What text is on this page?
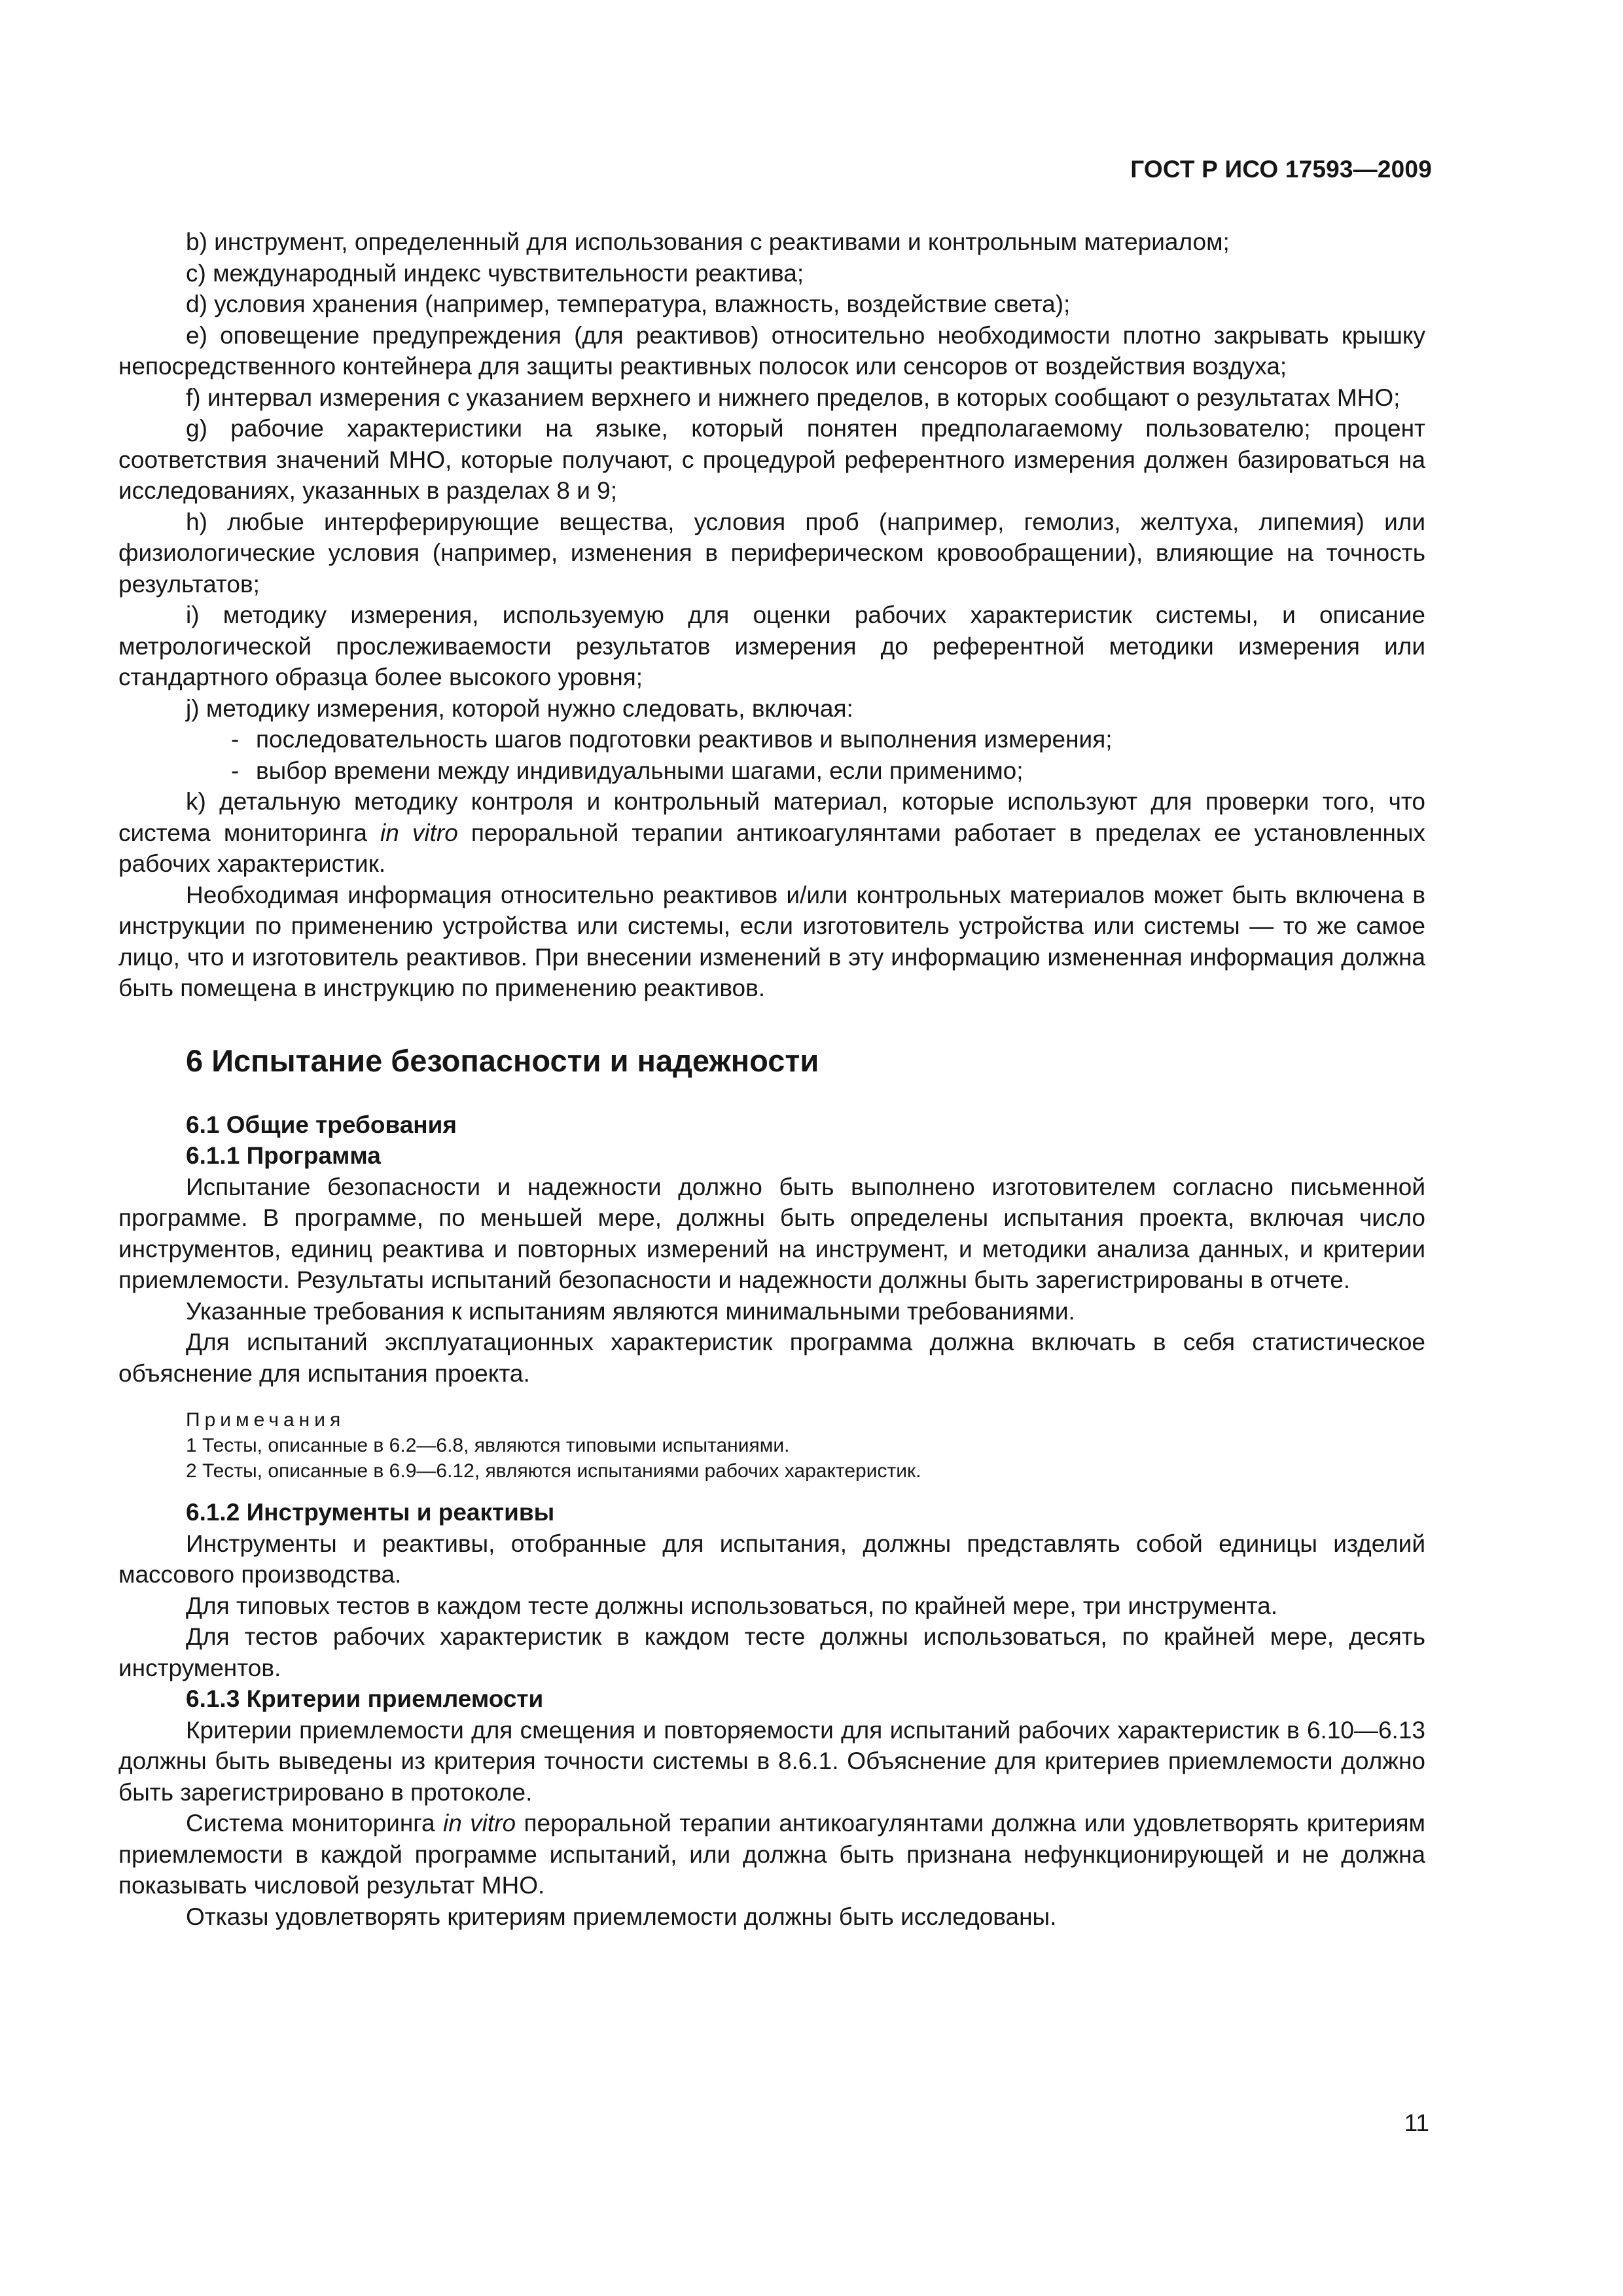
ГОСТ Р ИСО 17593—2009

b) инструмент, определенный для использования с реактивами и контрольным материалом;

c) международный индекс чувствительности реактива;

d) условия хранения (например, температура, влажность, воздействие света);

e) оповещение предупреждения (для реактивов) относительно необходимости плотно закрывать крышку непосредственного контейнера для защиты реактивных полосок или сенсоров от воздействия воздуха;

f) интервал измерения с указанием верхнего и нижнего пределов, в которых сообщают о результатах МНО;

g) рабочие характеристики на языке, который понятен предполагаемому пользователю; процент соответствия значений МНО, которые получают, с процедурой референтного измерения должен базироваться на исследованиях, указанных в разделах 8 и 9;

h) любые интерферирующие вещества, условия проб (например, гемолиз, желтуха, липемия) или физиологические условия (например, изменения в периферическом кровообращении), влияющие на точность результатов;

i) методику измерения, используемую для оценки рабочих характеристик системы, и описание метрологической прослеживаемости результатов измерения до референтной методики измерения или стандартного образца более высокого уровня;

j) методику измерения, которой нужно следовать, включая:

- последовательность шагов подготовки реактивов и выполнения измерения;

- выбор времени между индивидуальными шагами, если применимо;

k) детальную методику контроля и контрольный материал, которые используют для проверки того, что система мониторинга in vitro пероральной терапии антикоагулянтами работает в пределах ее установленных рабочих характеристик.

Необходимая информация относительно реактивов и/или контрольных материалов может быть включена в инструкции по применению устройства или системы, если изготовитель устройства или системы — то же самое лицо, что и изготовитель реактивов. При внесении изменений в эту информацию измененная информация должна быть помещена в инструкцию по применению реактивов.

6 Испытание безопасности и надежности
6.1 Общие требования
6.1.1 Программа

Испытание безопасности и надежности должно быть выполнено изготовителем согласно письменной программе. В программе, по меньшей мере, должны быть определены испытания проекта, включая число инструментов, единиц реактива и повторных измерений на инструмент, и методики анализа данных, и критерии приемлемости. Результаты испытаний безопасности и надежности должны быть зарегистрированы в отчете.

Указанные требования к испытаниям являются минимальными требованиями.

Для испытаний эксплуатационных характеристик программа должна включать в себя статистическое объяснение для испытания проекта.

Примечания
1 Тесты, описанные в 6.2—6.8, являются типовыми испытаниями.
2 Тесты, описанные в 6.9—6.12, являются испытаниями рабочих характеристик.
6.1.2 Инструменты и реактивы

Инструменты и реактивы, отобранные для испытания, должны представлять собой единицы изделий массового производства.

Для типовых тестов в каждом тесте должны использоваться, по крайней мере, три инструмента.

Для тестов рабочих характеристик в каждом тесте должны использоваться, по крайней мере, десять инструментов.

6.1.3 Критерии приемлемости

Критерии приемлемости для смещения и повторяемости для испытаний рабочих характеристик в 6.10—6.13 должны быть выведены из критерия точности системы в 8.6.1. Объяснение для критериев приемлемости должно быть зарегистрировано в протоколе.

Система мониторинга in vitro пероральной терапии антикоагулянтами должна или удовлетворять критериям приемлемости в каждой программе испытаний, или должна быть признана нефункционирующей и не должна показывать числовой результат МНО.

Отказы удовлетворять критериям приемлемости должны быть исследованы.

11
